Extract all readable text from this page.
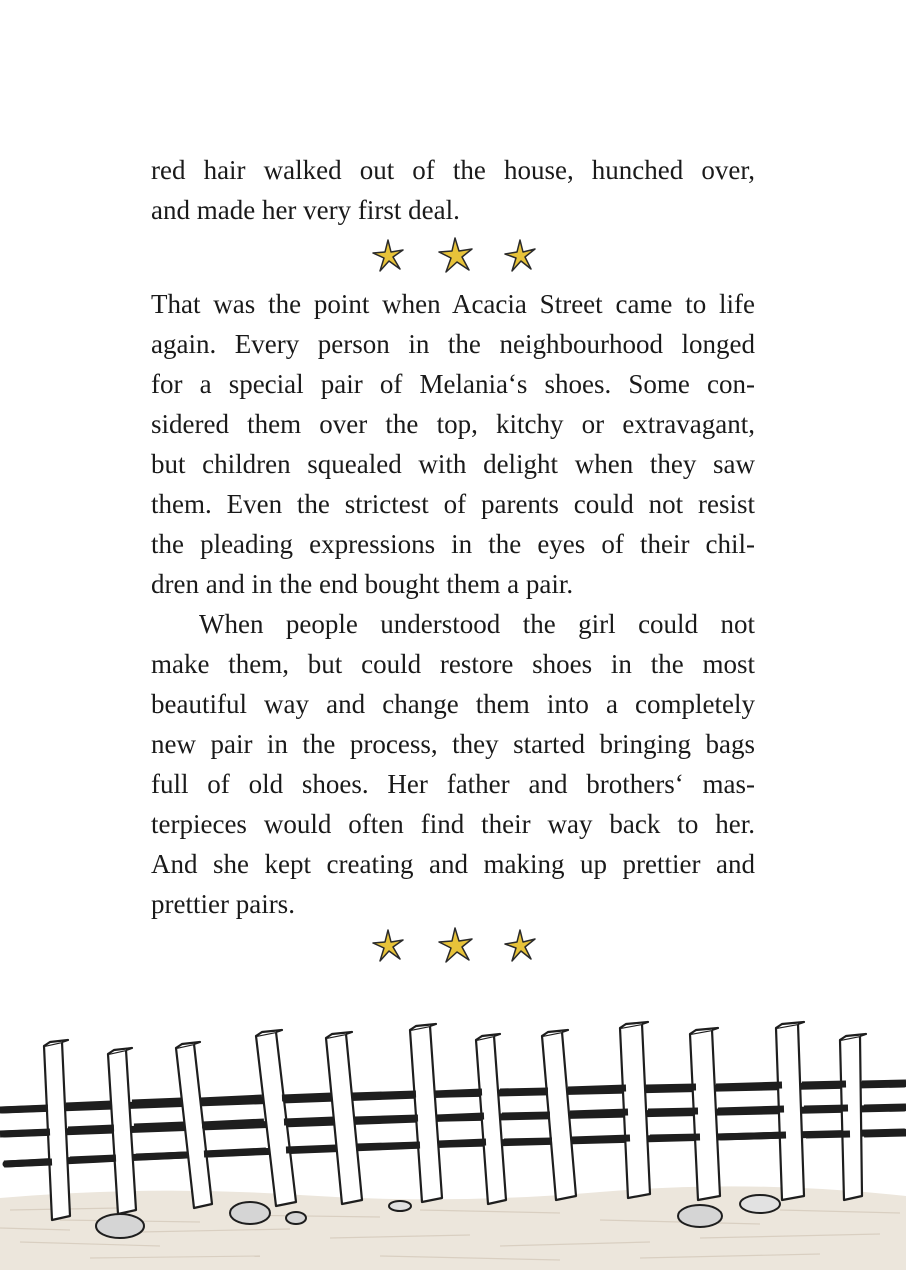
red hair walked out of the house, hunched over,
and made her very first deal.
That was the point when Acacia Street came to life
again. Every person in the neighbourhood longed
for a special pair of Melania‘s shoes. Some con-
sidered them over the top, kitchy or extravagant,
but children squealed with delight when they saw
them. Even the strictest of parents could not resist
the pleading expressions in the eyes of their chil-
dren and in the end bought them a pair.
When people understood the girl could not
make them, but could restore shoes in the most
beautiful way and change them into a completely
new pair in the process, they started bringing bags
full of old shoes. Her father and brothers‘ mas-
terpieces would often find their way back to her.
And she kept creating and making up prettier and
prettier pairs.
